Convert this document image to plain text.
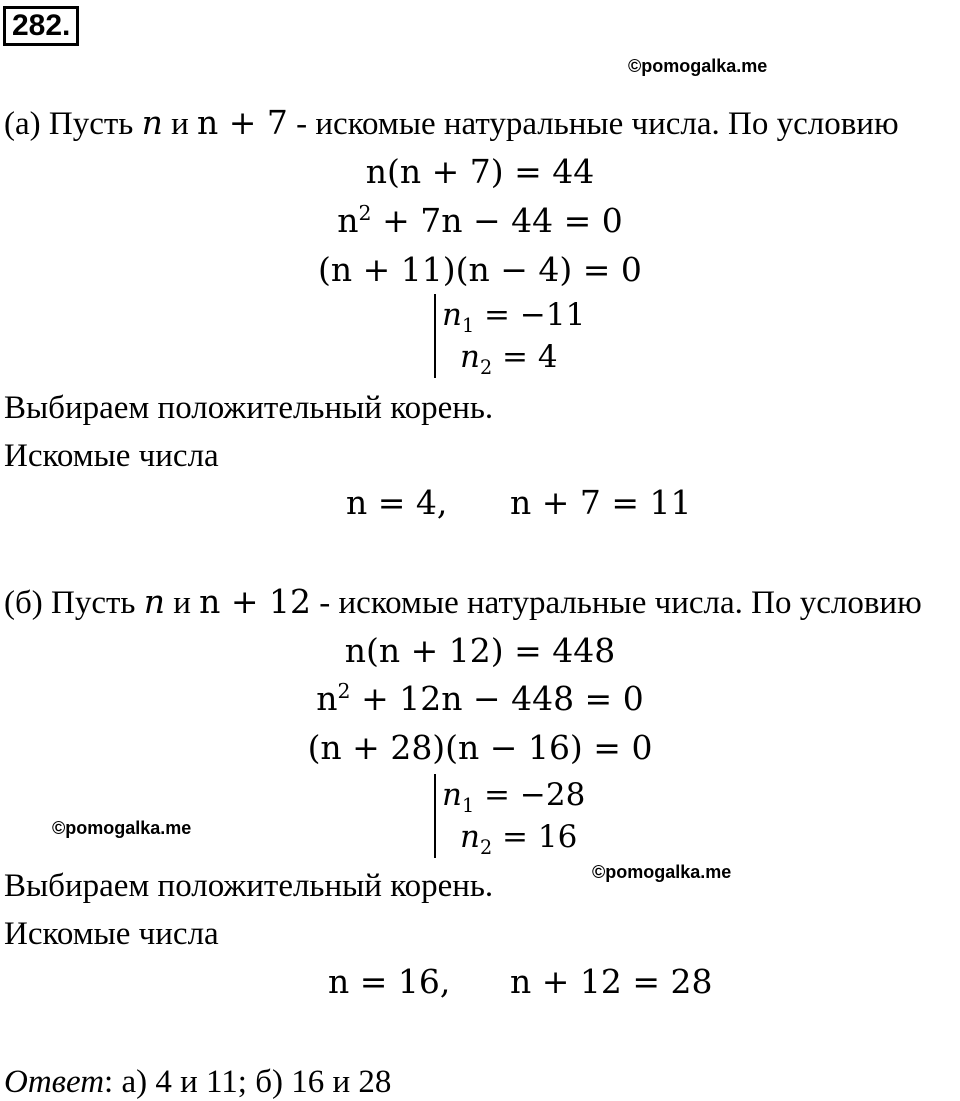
282.
©pomogalka.me
(а) Пусть n и n + 7 - искомые натуральные числа. По условию
n(n + 7) = 44
$n^2 + 7n - 44 = 0$
(n + 11)(n − 4) = 0
$n_1 = -11$
$n_2 = 4$
Выбираем положительный корень.
Искомые числа
n = 4, n + 7 = 11
(б) Пусть n и n + 12 - искомые натуральные числа. По условию
n(n + 12) = 448
$n^2 + 12n - 448 = 0$
(n + 28)(n − 16) = 0
$n_1 = -28$
$n_2 = 16$
©pomogalka.me
©pomogalka.me
Выбираем положительный корень.
Искомые числа
n = 16, n + 12 = 28
Ответ: а) 4 и 11; б) 16 и 28
